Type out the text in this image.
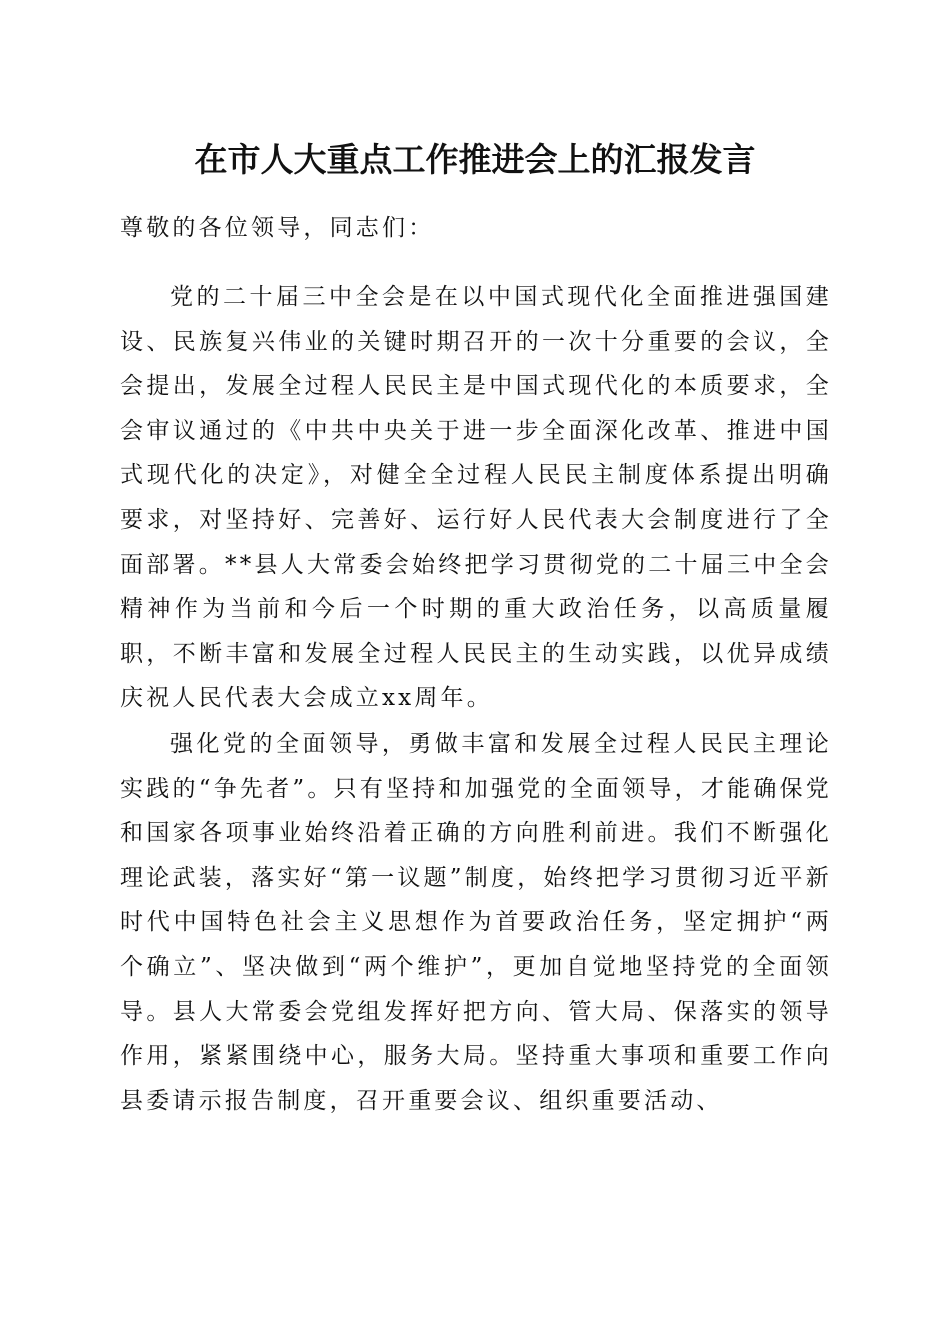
在市人大重点工作推进会上的汇报发言

尊敬的各位领导，同志们：

党的二十届三中全会是在以中国式现代化全面推进强国建设、民族复兴伟业的关键时期召开的一次十分重要的会议，全会提出，发展全过程人民民主是中国式现代化的本质要求，全会审议通过的《中共中央关于进一步全面深化改革、推进中国式现代化的决定》，对健全全过程人民民主制度体系提出明确要求，对坚持好、完善好、运行好人民代表大会制度进行了全面部署。**县人大常委会始终把学习贯彻党的二十届三中全会精神作为当前和今后一个时期的重大政治任务，以高质量履职，不断丰富和发展全过程人民民主的生动实践，以优异成绩庆祝人民代表大会成立xx周年。

强化党的全面领导，勇做丰富和发展全过程人民民主理论实践的“争先者”。只有坚持和加强党的全面领导，才能确保党和国家各项事业始终沿着正确的方向胜利前进。我们不断强化理论武装，落实好“第一议题”制度，始终把学习贯彻习近平新时代中国特色社会主义思想作为首要政治任务，坚定拥护“两个确立”、坚决做到“两个维护”，更加自觉地坚持党的全面领导。县人大常委会党组发挥好把方向、管大局、保落实的领导作用，紧紧围绕中心，服务大局。坚持重大事项和重要工作向县委请示报告制度，召开重要会议、组织重要活动、
